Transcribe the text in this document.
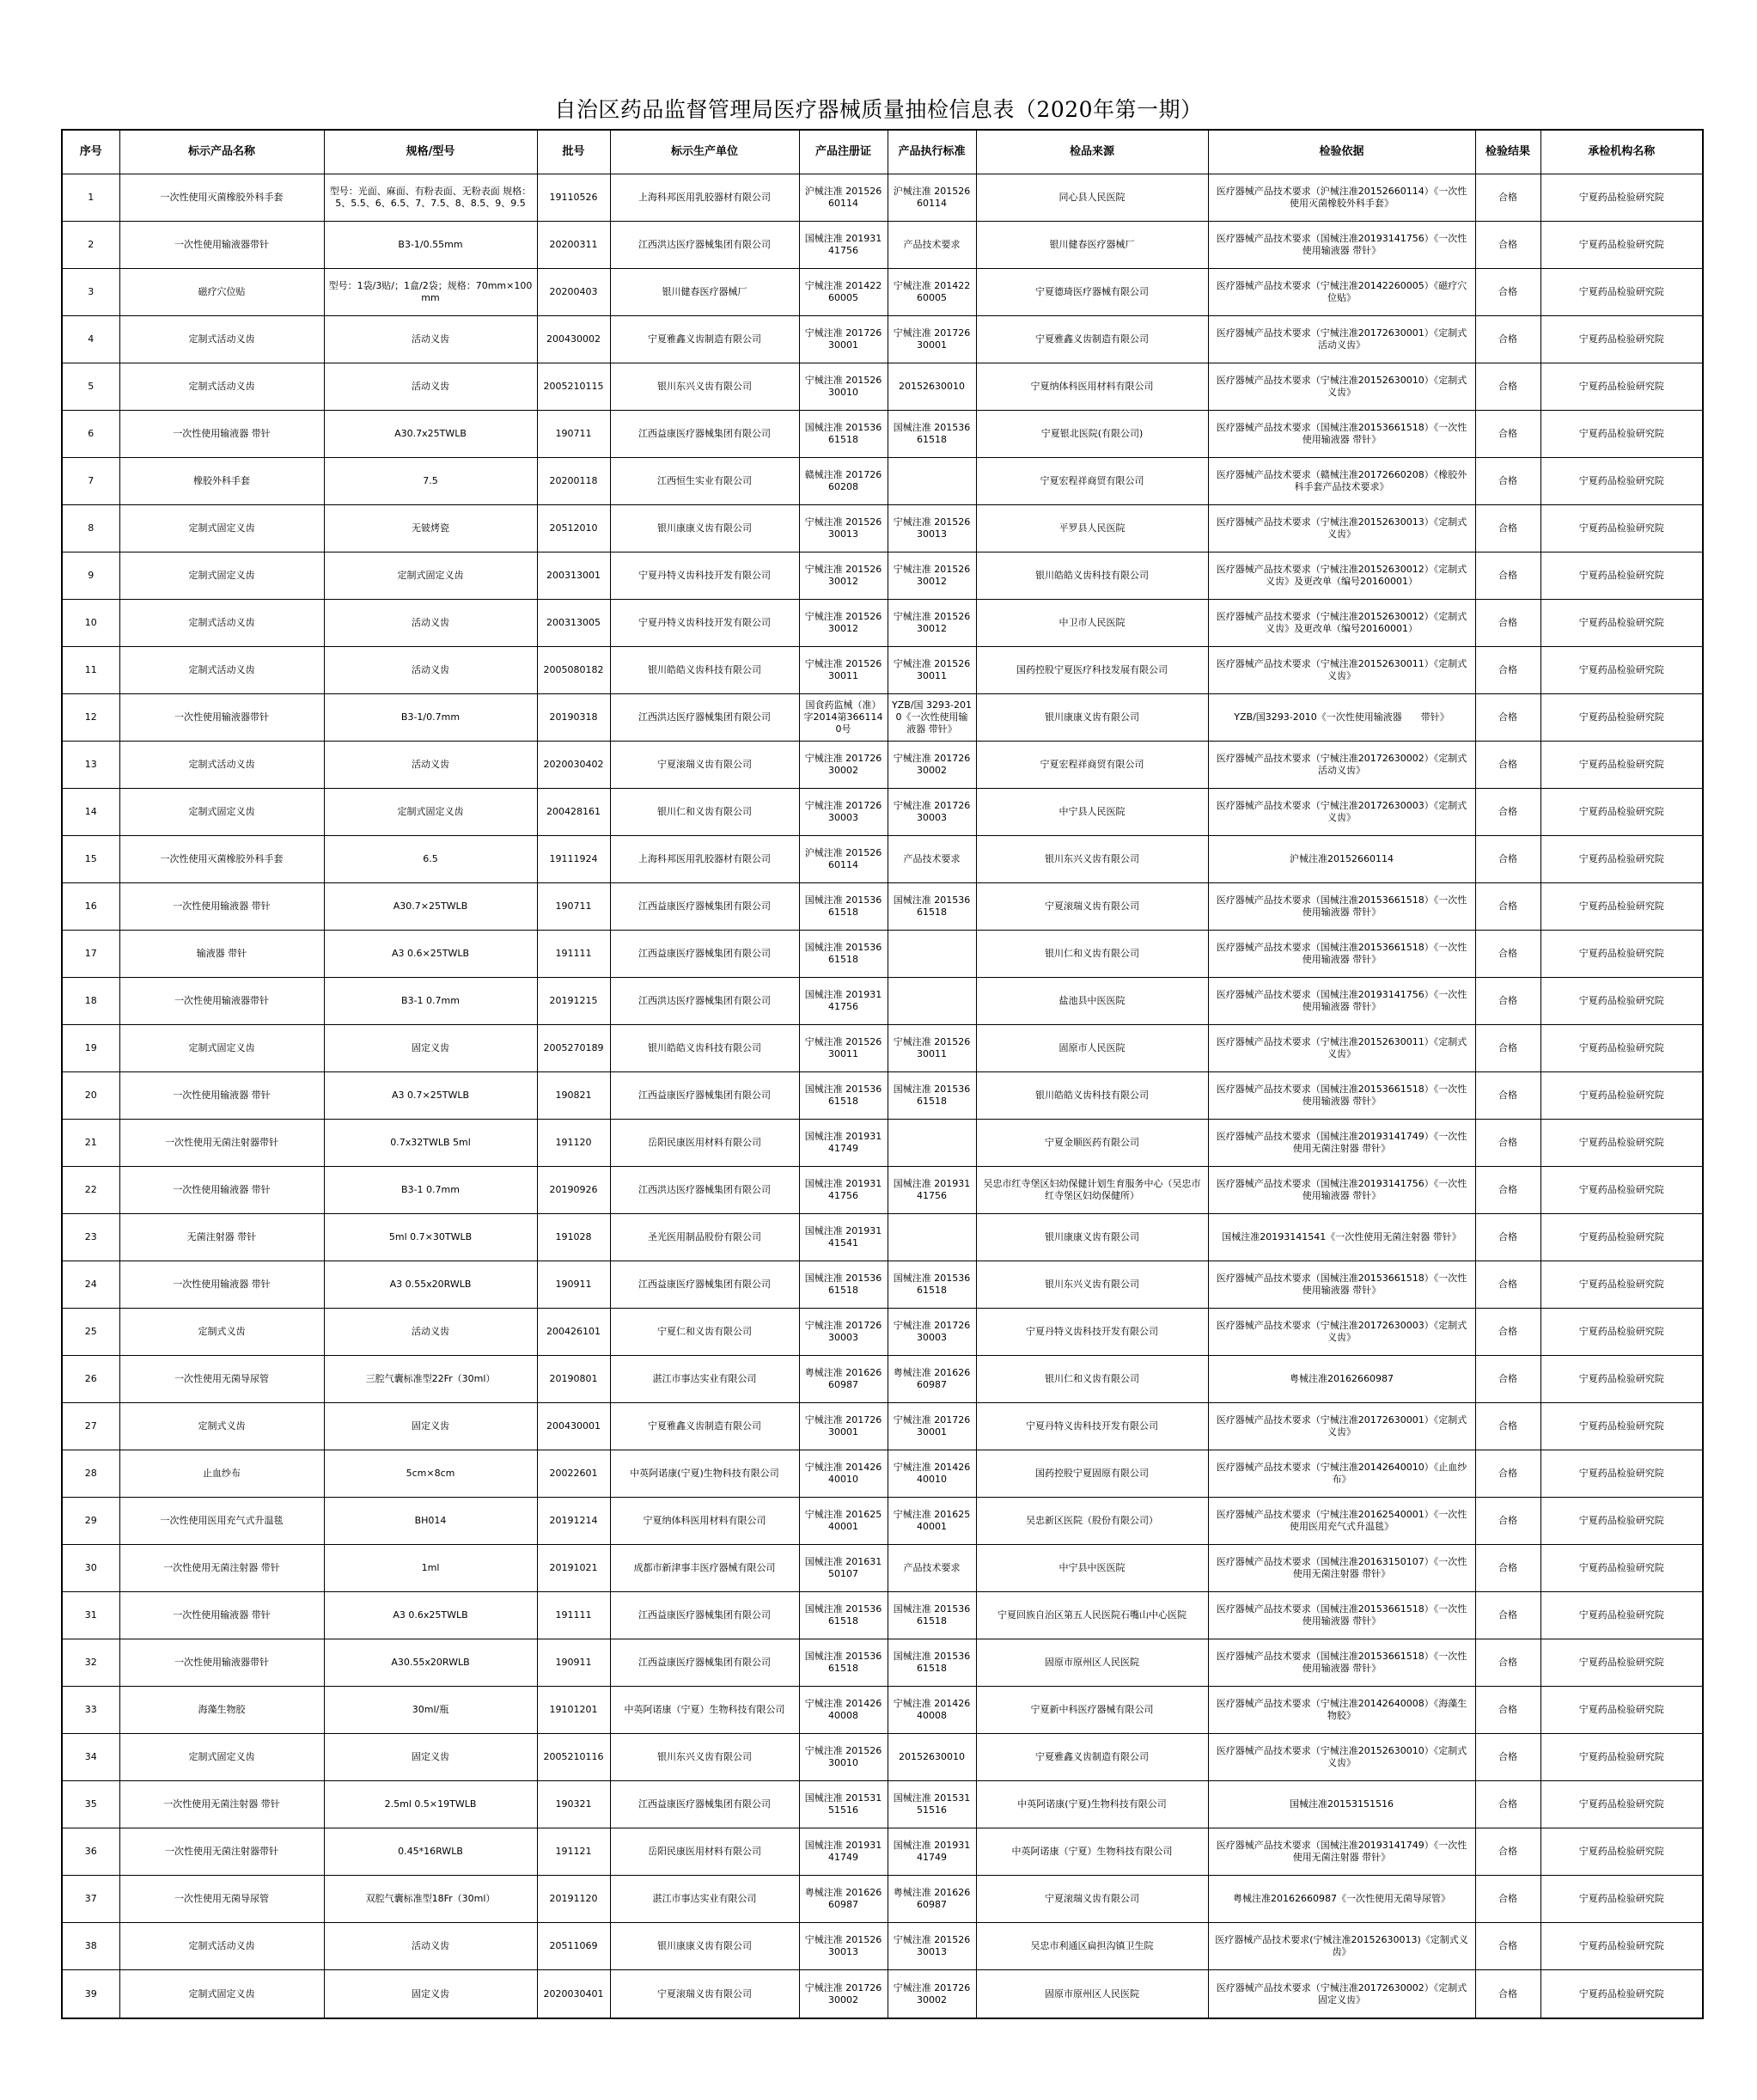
自治区药品监督管理局医疗器械质量抽检信息表（2020年第一期）
序号	标示产品名称	规格/型号	批号	标示生产单位	产品注册证	产品执行标准	检品来源	检验依据	检验结果	承检机构名称
1	一次性使用灭菌橡胶外科手套	型号：光面、麻面、有粉表面、无粉表面 规格：5、5.5、6、6.5、7、7.5、8、8.5、9、9.5	19110526	上海科邦医用乳胶器材有限公司	沪械注准 20152660114	沪械注准 20152660114	同心县人民医院	医疗器械产品技术要求（沪械注准20152660114）《一次性使用灭菌橡胶外科手套》	合格	宁夏药品检验研究院
2	一次性使用输液器带针	B3-1/0.55mm	20200311	江西洪达医疗器械集团有限公司	国械注准 20193141756	产品技术要求	银川健春医疗器械厂	医疗器械产品技术要求（国械注准20193141756）《一次性使用输液器 带针》	合格	宁夏药品检验研究院
3	磁疗穴位贴	型号：1袋/3贴/；1盒/2袋；规格：70mm×100mm	20200403	银川健春医疗器械厂	宁械注准 20142260005	宁械注准 20142260005	宁夏德琦医疗器械有限公司	医疗器械产品技术要求（宁械注准20142260005）《磁疗穴位贴》	合格	宁夏药品检验研究院
4	定制式活动义齿	活动义齿	200430002	宁夏雅鑫义齿制造有限公司	宁械注准 20172630001	宁械注准 20172630001	宁夏雅鑫义齿制造有限公司	医疗器械产品技术要求（宁械注准20172630001）《定制式活动义齿》	合格	宁夏药品检验研究院
5	定制式活动义齿	活动义齿	2005210115	银川东兴义齿有限公司	宁械注准 20152630010	20152630010	宁夏纳体科医用材料有限公司	医疗器械产品技术要求（宁械注准20152630010）《定制式义齿》	合格	宁夏药品检验研究院
6	一次性使用输液器 带针	A30.7x25TWLB	190711	江西益康医疗器械集团有限公司	国械注准 20153661518	国械注准 20153661518	宁夏银北医院(有限公司)	医疗器械产品技术要求（国械注准20153661518）《一次性使用输液器 带针》	合格	宁夏药品检验研究院
7	橡胶外科手套	7.5	20200118	江西恒生实业有限公司	赣械注准 20172660208		宁夏宏程祥商贸有限公司	医疗器械产品技术要求（赣械注准20172660208）《橡胶外科手套产品技术要求》	合格	宁夏药品检验研究院
8	定制式固定义齿	无铍烤瓷	20512010	银川康康义齿有限公司	宁械注准 20152630013	宁械注准 20152630013	平罗县人民医院	医疗器械产品技术要求（宁械注准20152630013）《定制式义齿》	合格	宁夏药品检验研究院
9	定制式固定义齿	定制式固定义齿	200313001	宁夏丹特义齿科技开发有限公司	宁械注准 20152630012	宁械注准 20152630012	银川皓皓义齿科技有限公司	医疗器械产品技术要求（宁械注准20152630012）《定制式义齿》及更改单（编号20160001）	合格	宁夏药品检验研究院
10	定制式活动义齿	活动义齿	200313005	宁夏丹特义齿科技开发有限公司	宁械注准 20152630012	宁械注准 20152630012	中卫市人民医院	医疗器械产品技术要求（宁械注准20152630012）《定制式义齿》及更改单（编号20160001）	合格	宁夏药品检验研究院
11	定制式活动义齿	活动义齿	2005080182	银川皓皓义齿科技有限公司	宁械注准 20152630011	宁械注准 20152630011	国药控股宁夏医疗科技发展有限公司	医疗器械产品技术要求（宁械注准20152630011）《定制式义齿》	合格	宁夏药品检验研究院
12	一次性使用输液器带针	B3-1/0.7mm	20190318	江西洪达医疗器械集团有限公司	国食药监械（准）字2014第3661140号	YZB/国 3293-2010《一次性使用输液器 带针》	银川康康义齿有限公司	YZB/国3293-2010《一次性使用输液器　　带针》	合格	宁夏药品检验研究院
13	定制式活动义齿	活动义齿	2020030402	宁夏滚瑞义齿有限公司	宁械注准 20172630002	宁械注准 20172630002	宁夏宏程祥商贸有限公司	医疗器械产品技术要求（宁械注准20172630002）《定制式活动义齿》	合格	宁夏药品检验研究院
14	定制式固定义齿	定制式固定义齿	200428161	银川仁和义齿有限公司	宁械注准 20172630003	宁械注准 20172630003	中宁县人民医院	医疗器械产品技术要求（宁械注准20172630003）《定制式义齿》	合格	宁夏药品检验研究院
15	一次性使用灭菌橡胶外科手套	6.5	19111924	上海科邦医用乳胶器材有限公司	沪械注准 20152660114	产品技术要求	银川东兴义齿有限公司	沪械注准20152660114	合格	宁夏药品检验研究院
16	一次性使用输液器 带针	A30.7×25TWLB	190711	江西益康医疗器械集团有限公司	国械注准 20153661518	国械注准 20153661518	宁夏滚瑞义齿有限公司	医疗器械产品技术要求（国械注准20153661518）《一次性使用输液器 带针》	合格	宁夏药品检验研究院
17	输液器 带针	A3 0.6×25TWLB	191111	江西益康医疗器械集团有限公司	国械注准 20153661518		银川仁和义齿有限公司	医疗器械产品技术要求（国械注准20153661518）《一次性使用输液器 带针》	合格	宁夏药品检验研究院
18	一次性使用输液器带针	B3-1 0.7mm	20191215	江西洪达医疗器械集团有限公司	国械注准 20193141756		盐池县中医医院	医疗器械产品技术要求（国械注准20193141756）《一次性使用输液器 带针》	合格	宁夏药品检验研究院
19	定制式固定义齿	固定义齿	2005270189	银川皓皓义齿科技有限公司	宁械注准 20152630011	宁械注准 20152630011	固原市人民医院	医疗器械产品技术要求（宁械注准20152630011）《定制式义齿》	合格	宁夏药品检验研究院
20	一次性使用输液器 带针	A3 0.7×25TWLB	190821	江西益康医疗器械集团有限公司	国械注准 20153661518	国械注准 20153661518	银川皓皓义齿科技有限公司	医疗器械产品技术要求（国械注准20153661518）《一次性使用输液器 带针》	合格	宁夏药品检验研究院
21	一次性使用无菌注射器带针	0.7x32TWLB 5ml	191120	岳阳民康医用材料有限公司	国械注准 20193141749		宁夏金顺医药有限公司	医疗器械产品技术要求（国械注准20193141749）《一次性使用无菌注射器 带针》	合格	宁夏药品检验研究院
22	一次性使用输液器 带针	B3-1 0.7mm	20190926	江西洪达医疗器械集团有限公司	国械注准 20193141756	国械注准 20193141756	吴忠市红寺堡区妇幼保健计划生育服务中心（吴忠市红寺堡区妇幼保健所）	医疗器械产品技术要求（国械注准20193141756）《一次性使用输液器 带针》	合格	宁夏药品检验研究院
23	无菌注射器 带针	5ml 0.7×30TWLB	191028	圣光医用制品股份有限公司	国械注准 20193141541		银川康康义齿有限公司	国械注准20193141541《一次性使用无菌注射器 带针》	合格	宁夏药品检验研究院
24	一次性使用输液器 带针	A3 0.55x20RWLB	190911	江西益康医疗器械集团有限公司	国械注准 20153661518	国械注准 20153661518	银川东兴义齿有限公司	医疗器械产品技术要求（国械注准20153661518）《一次性使用输液器 带针》	合格	宁夏药品检验研究院
25	定制式义齿	活动义齿	200426101	宁夏仁和义齿有限公司	宁械注准 20172630003	宁械注准 20172630003	宁夏丹特义齿科技开发有限公司	医疗器械产品技术要求（宁械注准20172630003）《定制式义齿》	合格	宁夏药品检验研究院
26	一次性使用无菌导尿管	三腔气囊标准型22Fr（30ml）	20190801	湛江市事达实业有限公司	粤械注准 20162660987	粤械注准 20162660987	银川仁和义齿有限公司	粤械注准20162660987	合格	宁夏药品检验研究院
27	定制式义齿	固定义齿	200430001	宁夏雅鑫义齿制造有限公司	宁械注准 20172630001	宁械注准 20172630001	宁夏丹特义齿科技开发有限公司	医疗器械产品技术要求（宁械注准20172630001）《定制式义齿》	合格	宁夏药品检验研究院
28	止血纱布	5cm×8cm	20022601	中英阿诺康(宁夏)生物科技有限公司	宁械注准 20142640010	宁械注准 20142640010	国药控股宁夏固原有限公司	医疗器械产品技术要求（宁械注准20142640010）《止血纱布》	合格	宁夏药品检验研究院
29	一次性使用医用充气式升温毯	BH014	20191214	宁夏纳体科医用材料有限公司	宁械注准 20162540001	宁械注准 20162540001	吴忠新区医院（股份有限公司）	医疗器械产品技术要求（宁械注准20162540001）《一次性使用医用充气式升温毯》	合格	宁夏药品检验研究院
30	一次性使用无菌注射器 带针	1ml	20191021	成都市新津事丰医疗器械有限公司	国械注准 20163150107	产品技术要求	中宁县中医医院	医疗器械产品技术要求（国械注准20163150107）《一次性使用无菌注射器 带针》	合格	宁夏药品检验研究院
31	一次性使用输液器 带针	A3 0.6x25TWLB	191111	江西益康医疗器械集团有限公司	国械注准 20153661518	国械注准 20153661518	宁夏回族自治区第五人民医院石嘴山中心医院	医疗器械产品技术要求（国械注准20153661518）《一次性使用输液器 带针》	合格	宁夏药品检验研究院
32	一次性使用输液器带针	A30.55x20RWLB	190911	江西益康医疗器械集团有限公司	国械注准 20153661518	国械注准 20153661518	固原市原州区人民医院	医疗器械产品技术要求（国械注准20153661518）《一次性使用输液器 带针》	合格	宁夏药品检验研究院
33	海藻生物胶	30ml/瓶	19101201	中英阿诺康（宁夏）生物科技有限公司	宁械注准 20142640008	宁械注准 20142640008	宁夏新中科医疗器械有限公司	医疗器械产品技术要求（宁械注准20142640008）《海藻生物胶》	合格	宁夏药品检验研究院
34	定制式固定义齿	固定义齿	2005210116	银川东兴义齿有限公司	宁械注准 20152630010	20152630010	宁夏雅鑫义齿制造有限公司	医疗器械产品技术要求（宁械注准20152630010）《定制式义齿》	合格	宁夏药品检验研究院
35	一次性使用无菌注射器 带针	2.5ml 0.5×19TWLB	190321	江西益康医疗器械集团有限公司	国械注准 20153151516	国械注准 20153151516	中英阿诺康(宁夏)生物科技有限公司	国械注准20153151516	合格	宁夏药品检验研究院
36	一次性使用无菌注射器带针	0.45*16RWLB	191121	岳阳民康医用材料有限公司	国械注准 20193141749	国械注准 20193141749	中英阿诺康（宁夏）生物科技有限公司	医疗器械产品技术要求（国械注准20193141749）《一次性使用无菌注射器 带针》	合格	宁夏药品检验研究院
37	一次性使用无菌导尿管	双腔气囊标准型18Fr（30ml）	20191120	湛江市事达实业有限公司	粤械注准 20162660987	粤械注准 20162660987	宁夏滚瑞义齿有限公司	粤械注准20162660987《一次性使用无菌导尿管》	合格	宁夏药品检验研究院
38	定制式活动义齿	活动义齿	20511069	银川康康义齿有限公司	宁械注准 20152630013	宁械注准 20152630013	吴忠市利通区扁担沟镇卫生院	医疗器械产品技术要求(宁械注准20152630013)《定制式义齿》	合格	宁夏药品检验研究院
39	定制式固定义齿	固定义齿	2020030401	宁夏滚瑞义齿有限公司	宁械注准 20172630002	宁械注准 20172630002	固原市原州区人民医院	医疗器械产品技术要求（宁械注准20172630002）《定制式固定义齿》	合格	宁夏药品检验研究院
